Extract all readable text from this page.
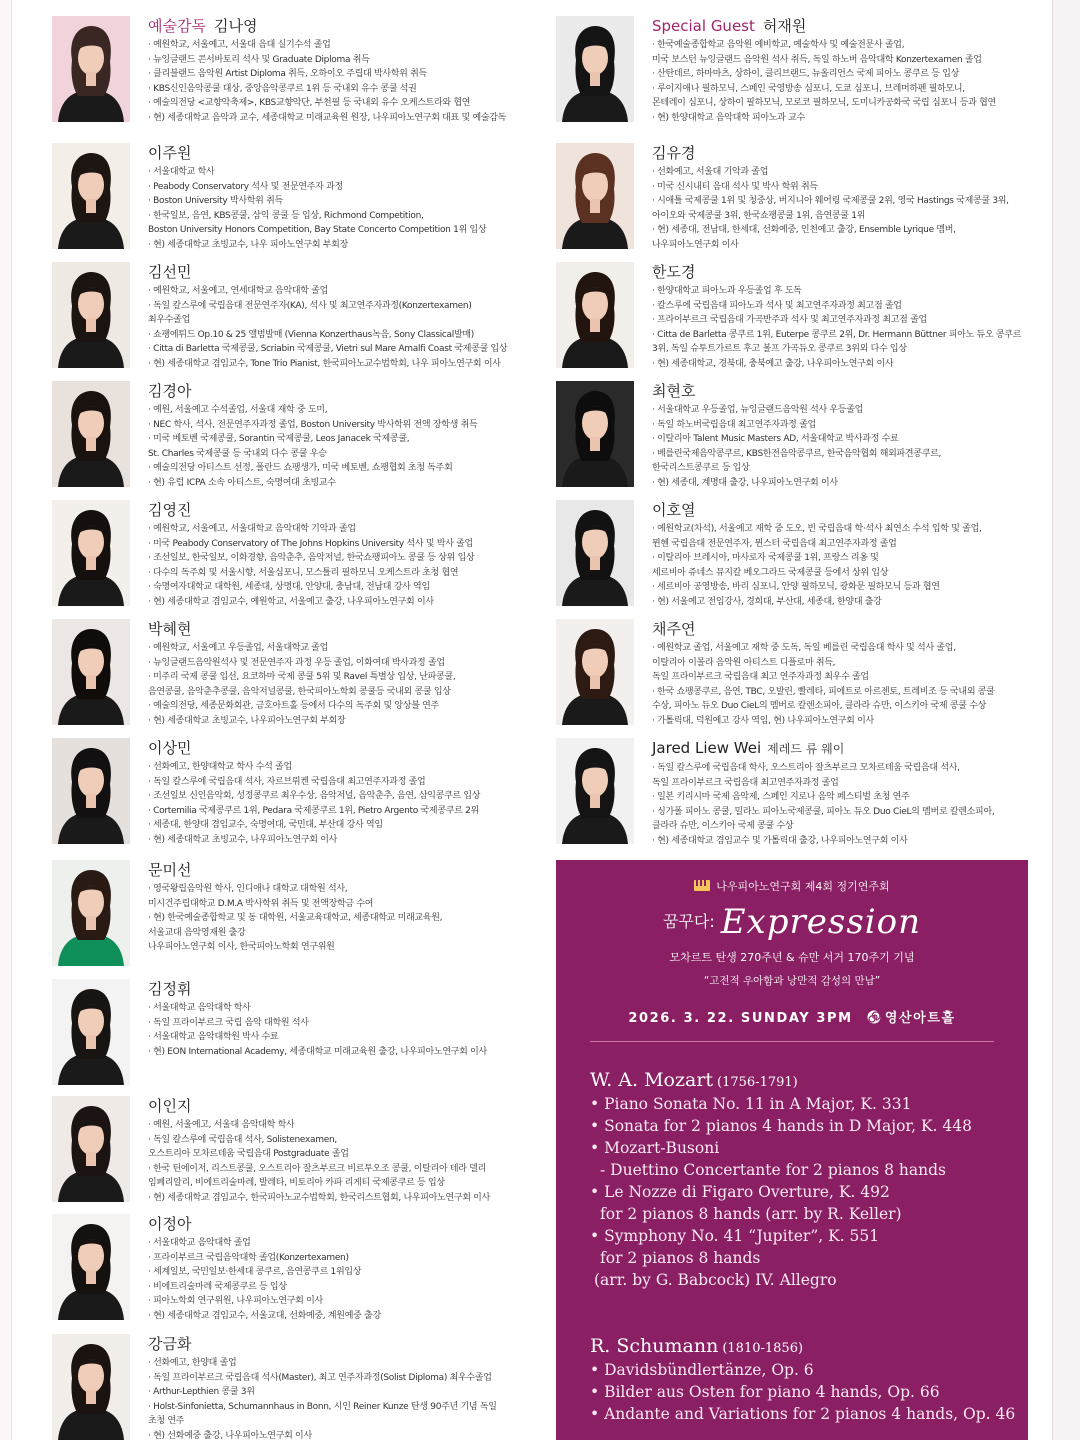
예술감독 김나영
· 예원학교, 서울예고, 서울대 음대 실기수석 졸업
· 뉴잉글랜드 콘서바토리 석사 및 Graduate Diploma 취득
· 클리블랜드 음악원 Artist Diploma 취득, 오하이오 주립대 박사학위 취득
· KBS신인음악콩쿨 대상, 중앙음악콩쿠르 1위 등 국내외 유수 콩쿨 석권
· 예술의전당 <교향악축제>, KBS교향악단, 부천필 등 국내외 유수 오케스트라와 협연
· 현) 세종대학교 음악과 교수, 세종대학교 미래교육원 원장, 나우피아노연구회 대표 및 예술감독
이주원
· 서울대학교 학사
· Peabody Conservatory 석사 및 전문연주자 과정
· Boston University 박사학위 취득
· 한국일보, 음연, KBS콩쿨, 삼익 콩쿨 등 입상, Richmond Competition,
Boston University Honors Competition, Bay State Concerto Competition 1위 입상
· 현) 세종대학교 초빙교수, 나우 피아노연구회 부회장
김선민
· 예원학교, 서울예고, 연세대학교 음악대학 졸업
· 독일 칼스루에 국립음대 전문연주자(KA), 석사 및 최고연주자과정(Konzertexamen)
최우수졸업
· 쇼팽에튀드 Op.10 & 25 앨범발매 (Vienna Konzerthaus녹음, Sony Classical발매)
· Citta di Barletta 국제콩쿨, Scriabin 국제콩쿨, Vietri sul Mare Amalfi Coast 국제콩쿨 입상
· 현) 세종대학교 겸임교수, Tone Trio Pianist, 한국피아노교수법학회, 나우 피아노연구회 이사
김경아
· 예원, 서울예고 수석졸업, 서울대 재학 중 도미,
· NEC 학사, 석사, 전문연주자과정 졸업, Boston University 박사학위 전액 장학생 취득
· 미국 베토벤 국제콩쿨, Sorantin 국제콩쿨, Leos Janacek 국제콩쿨,
St. Charles 국제콩쿨 등 국내외 다수 콩쿨 우승
· 예술의전당 아티스트 선정, 폴란드 쇼팽생가, 미국 베토벤, 쇼팽협회 초청 독주회
· 현) 유럽 ICPA 소속 아티스트, 숙명여대 초빙교수
김영진
· 예원학교, 서울예고, 서울대학교 음악대학 기악과 졸업
· 미국 Peabody Conservatory of The Johns Hopkins University 석사 및 박사 졸업
· 조선일보, 한국일보, 이화경향, 음악춘추, 음악저널, 한국쇼팽피아노 콩쿨 등 상위 입상
· 다수의 독주회 및 서울시향, 서울심포니, 모스틀리 필하모닉 오케스트라 초청 협연
· 숙명여자대학교 대학원, 세종대, 상명대, 안양대, 충남대, 전남대 강사 역임
· 현) 세종대학교 겸임교수, 예원학교, 서울예고 출강, 나우피아노연구회 이사
박혜현
· 예원학교, 서울예고 우등졸업, 서울대학교 졸업
· 뉴잉글랜드음악원석사 및 전문연주자 과정 우등 졸업, 이화여대 박사과정 졸업
· 미주리 국제 콩쿨 입선, 요코하마 국제 콩쿨 5위 및 Ravel 특별상 입상, 난파콩쿨,
음연콩쿨, 음악춘추콩쿨, 음악저널콩쿨, 한국피아노학회 콩쿨등 국내외 콩쿨 입상
· 예술의전당, 세종문화회관, 금호아트홀 등에서 다수의 독주회 및 앙상블 연주
· 현) 세종대학교 초빙교수, 나우피아노연구회 부회장
이상민
· 선화예고, 한양대학교 학사 수석 졸업
· 독일 칼스루에 국립음대 석사, 자르브뤼켄 국립음대 최고연주자과정 졸업
· 조선일보 신인음악회, 성정콩쿠르 최우수상, 음악저널, 음악춘추, 음연, 삼익콩쿠르 입상
· Cortemilia 국제콩쿠르 1위, Pedara 국제콩쿠르 1위, Pietro Argento 국제콩쿠르 2위
· 세종대, 한양대 겸임교수, 숙명여대, 국민대, 부산대 강사 역임
· 현) 세종대학교 초빙교수, 나우피아노연구회 이사
문미선
· 영국왕립음악원 학사, 인디애나 대학교 대학원 석사,
미시건주립대학교 D.M.A 박사학위 취득 및 전액장학금 수여
· 현) 한국예술종합학교 및 동 대학원, 서울교육대학교, 세종대학교 미래교육원,
서울교대 음악영재원 출강
나우피아노연구회 이사, 한국피아노학회 연구위원
김정휘
· 서울대학교 음악대학 학사
· 독일 프라이부르크 국립 음악 대학원 석사
· 서울대학교 음악대학원 박사 수료
· 현) EON International Academy, 세종대학교 미래교육원 출강, 나우피아노연구회 이사
이인지
· 예원, 서울예고, 서울대 음악대학 학사
· 독일 칼스루에 국립음대 석사, Solistenexamen,
오스트리아 모차르테움 국립음대 Postgraduate 졸업
· 한국 틴에이저, 리스트콩쿨, 오스트리아 잘츠부르크 비르투오조 콩쿨, 이탈리아 테라 델리
임페리알리, 비에트리술마레, 발레타, 비토리아 카파 리게티 국제콩쿠르 등 입상
· 현) 세종대학교 겸임교수, 한국피아노교수법학회, 한국리스트협회, 나우피아노연구회 이사
이정아
· 서울대학교 음악대학 졸업
· 프라이부르크 국립음악대학 졸업(Konzertexamen)
· 세계일보, 국민일보·한세대 콩쿠르, 음연콩쿠르 1위입상
· 비에트리술마레 국제콩쿠르 등 입상
· 피아노학회 연구위원, 나우피아노연구회 이사
· 현) 세종대학교 겸임교수, 서울교대, 선화예중, 계원예중 출강
강금화
· 선화예고, 한양대 졸업
· 독일 프라이부르크 국립음대 석사(Master), 최고 연주자과정(Solist Diploma) 최우수졸업
· Arthur-Lepthien 콩쿨 3위
· Holst-Sinfonietta, Schumannhaus in Bonn, 시인 Reiner Kunze 탄생 90주년 기념 독일
초청 연주
· 현) 선화예중 출강, 나우피아노연구회 이사
Special Guest 허재원
· 한국예술종합학교 음악원 예비학교, 예술학사 및 예술전문사 졸업,
미국 보스턴 뉴잉글랜드 음악원 석사 취득, 독일 하노버 음악대학 Konzertexamen 졸업
· 산탄데르, 하마마츠, 상하이, 클리브랜드, 뉴올리언스 국제 피아노 콩쿠르 등 입상
· 루이지애나 필하모닉, 스페인 국영방송 심포니, 도쿄 심포니, 브레머하펜 필하모니,
몬테레이 심포니, 상하이 필하모닉, 모로코 필하모닉, 도미니카공화국 국립 심포니 등과 협연
· 현) 한양대학교 음악대학 피아노과 교수
김유경
· 선화예고, 서울대 기악과 졸업
· 미국 신시내티 음대 석사 및 박사 학위 취득
· 시애틀 국제콩쿨 1위 및 청중상, 버지니아 웨어링 국제콩쿨 2위, 영국 Hastings 국제콩쿨 3위,
아이오와 국제콩쿨 3위, 한국쇼팽콩쿨 1위, 음연콩쿨 1위
· 현) 세종대, 전남대, 한세대, 선화예중, 인천예고 출강, Ensemble Lyrique 멤버,
나우피아노연구회 이사
한도경
· 한양대학교 피아노과 우등졸업 후 도독
· 칼스루에 국립음대 피아노과 석사 및 최고연주자과정 최고점 졸업
· 프라이부르크 국립음대 가곡반주과 석사 및 최고연주자과정 최고점 졸업
· Citta de Barletta 콩쿠르 1위, Euterpe 콩쿠르 2위, Dr. Hermann Büttner 피아노 듀오 콩쿠르
3위, 독일 슈투트가르트 후고 볼프 가곡듀오 콩쿠르 3위외 다수 입상
· 현) 세종대학교, 경북대, 충북예고 출강, 나우피아노연구회 이사
최현호
· 서울대학교 우등졸업, 뉴잉글랜드음악원 석사 우등졸업
· 독일 하노버국립음대 최고연주자과정 졸업
· 이탈리아 Talent Music Masters AD, 서울대학교 박사과정 수료
· 베를린국제음악콩쿠르, KBS한전음악콩쿠르, 한국음악협회 해외파견콩쿠르,
한국리스트콩쿠르 등 입상
· 현) 세종대, 계명대 출강, 나우피아노연구회 이사
이호열
· 예원학교(차석), 서울예고 재학 중 도오, 빈 국립음대 학·석사 최연소 수석 입학 및 졸업,
뮌헨 국립음대 전문연주자, 뮌스터 국립음대 최고연주자과정 졸업
· 이탈리아 브레시아, 마사로자 국제콩쿨 1위, 프랑스 리옹 및
세르비아 쥬네스 뮤지칼 베오그라드 국제콩쿨 등에서 상위 입상
· 세르비아 공영방송, 바리 심포니, 안양 필하모닉, 광화문 필하모닉 등과 협연
· 현) 서울예고 전임강사, 경희대, 부산대, 세종대, 한양대 출강
채주연
· 예원학교 졸업, 서울예고 재학 중 도독, 독일 베를린 국립음대 학사 및 석사 졸업,
이탈리아 이몰라 음악원 아티스트 디플로마 취득,
독일 프라이부르크 국립음대 최고 연주자과정 최우수 졸업
· 한국 쇼팽콩쿠르, 음연, TBC, 오발린, 빨레타, 피에트로 아르젠토, 트레비조 등 국내외 콩쿨
수상, 피아노 듀오 Duo CieL의 멤버로 칼렌소피아, 클라라 슈만, 이스키아 국제 콩쿨 수상
· 가톨릭대, 덕원예고 강사 역임, 현) 나우피아노연구회 이사
Jared Liew Wei 제레드 류 웨이
· 독일 칼스루에 국립음대 학사, 오스트리아 잘츠부르크 모차르테움 국립음대 석사,
독일 프라이부르크 국립음대 최고연주자과정 졸업
· 일본 키리시마 국제 음악제, 스페인 지로나 음악 페스티벌 초청 연주
· 싱가폴 피아노 콩쿨, 밀라노 피아노국제콩쿨, 피아노 듀오 Duo CieL의 멤버로 칼렌소피아,
클라라 슈만, 이스키아 국제 콩쿨 수상
· 현) 세종대학교 겸임교수 및 가톨릭대 출강, 나우피아노연구회 이사
나우피아노연구회 제4회 정기연주회
꿈꾸다: Expression
모차르트 탄생 270주년 & 슈만 서거 170주기 기념
“고전적 우아함과 낭만적 감성의 만남”
2026. 3. 22. SUNDAY 3PM 영산아트홀
W. A. Mozart (1756-1791)
• Piano Sonata No. 11 in A Major, K. 331
• Sonata for 2 pianos 4 hands in D Major, K. 448
• Mozart-Busoni
- Duettino Concertante for 2 pianos 8 hands
• Le Nozze di Figaro Overture, K. 492
for 2 pianos 8 hands (arr. by R. Keller)
• Symphony No. 41 “Jupiter”, K. 551
for 2 pianos 8 hands
(arr. by G. Babcock) IV. Allegro
R. Schumann (1810-1856)
• Davidsbündlertänze, Op. 6
• Bilder aus Osten for piano 4 hands, Op. 66
• Andante and Variations for 2 pianos 4 hands, Op. 46
